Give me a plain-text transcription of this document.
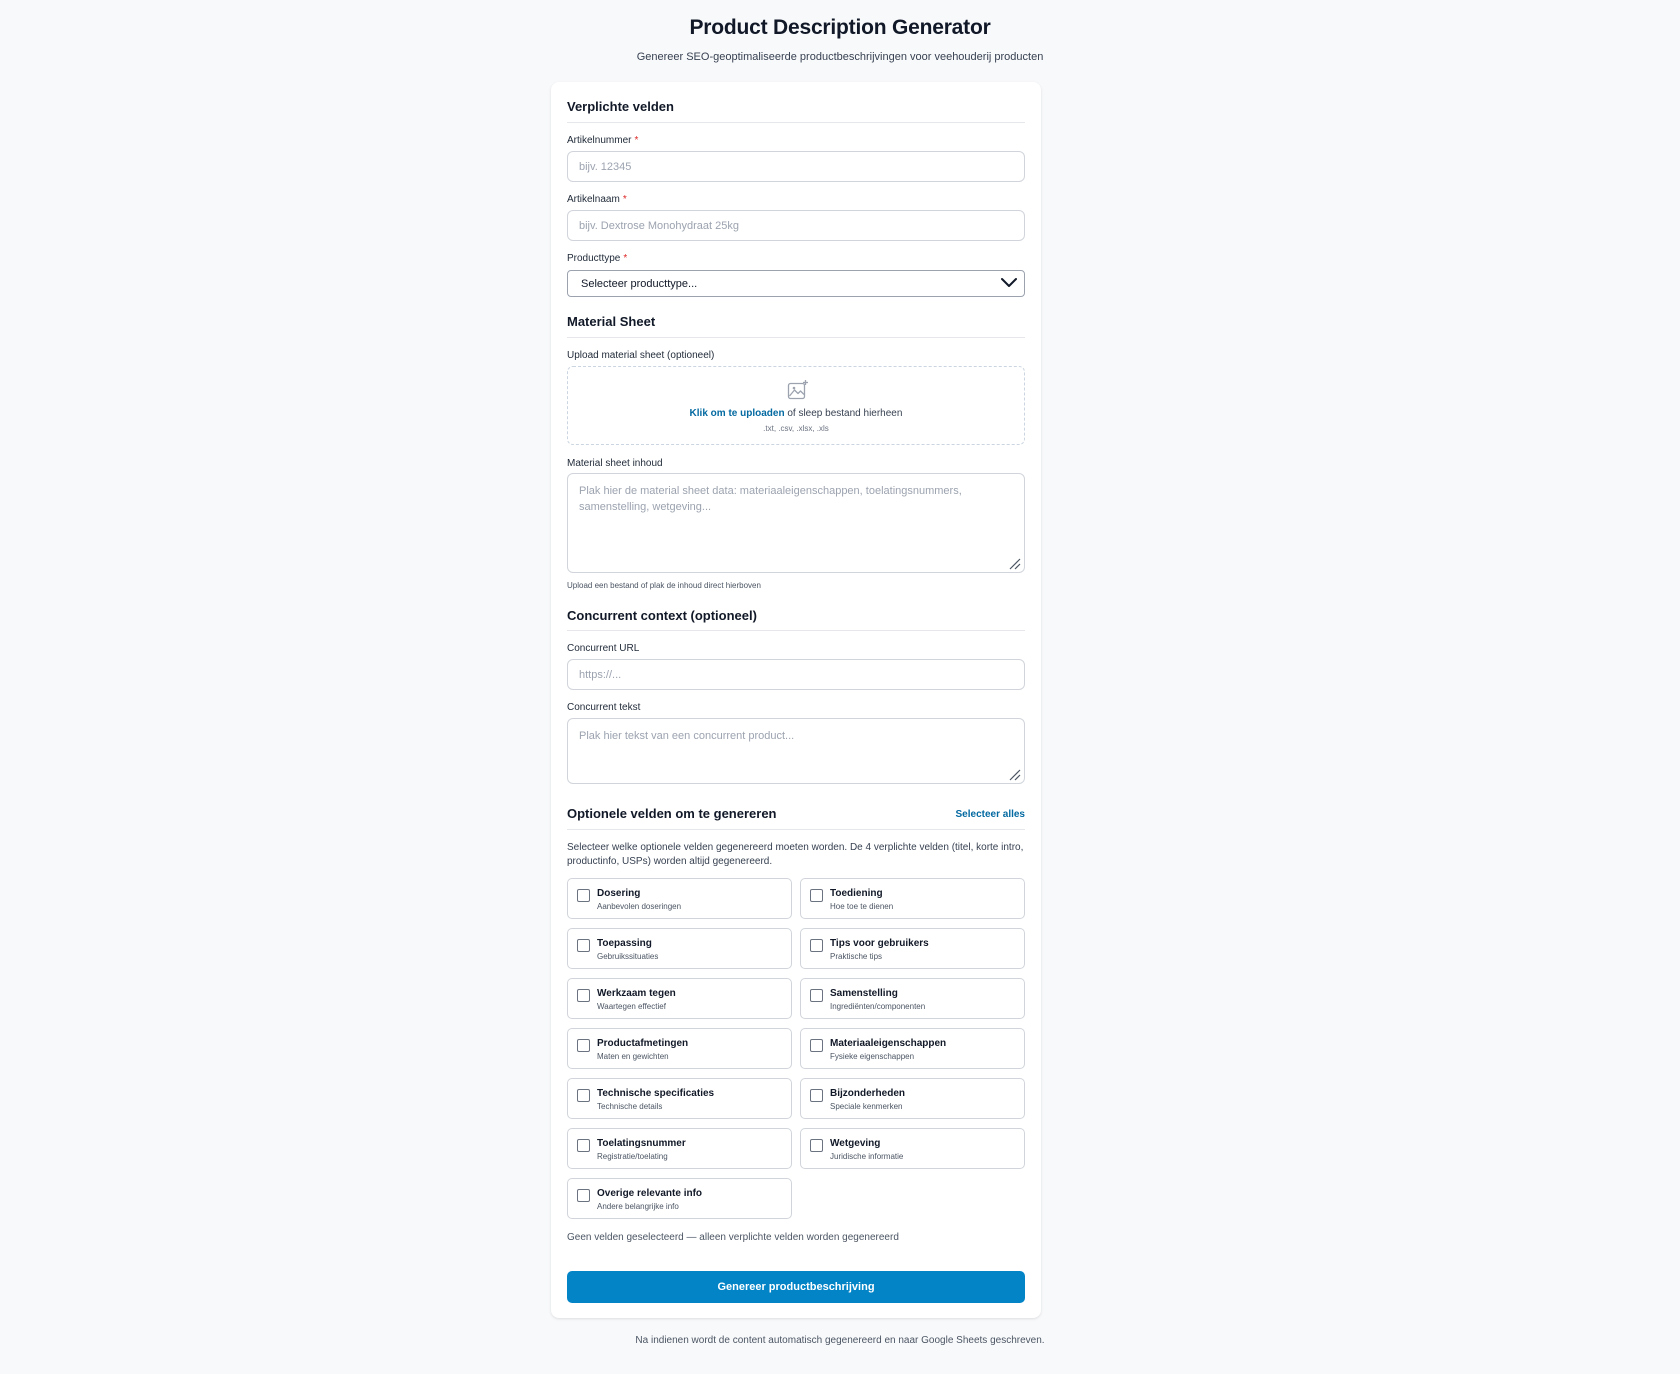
Product Description Generator

Genereer SEO-geoptimaliseerde productbeschrijvingen voor veehouderij producten

Verplichte velden
Artikelnummer *
bijv. 12345
Artikelnaam *
bijv. Dextrose Monohydraat 25kg
Producttype *
Selecteer producttype...
Material Sheet
Upload material sheet (optioneel)
Klik om te uploaden of sleep bestand hierheen
.txt, .csv, .xlsx, .xls
Material sheet inhoud
Plak hier de material sheet data: materiaaleigenschappen, toelatingsnummers, samenstelling, wetgeving...
Upload een bestand of plak de inhoud direct hierboven
Concurrent context (optioneel)
Concurrent URL
https://...
Concurrent tekst
Plak hier tekst van een concurrent product...
Optionele velden om te genereren	Selecteer alles
Selecteer welke optionele velden gegenereerd moeten worden. De 4 verplichte velden (titel, korte intro, productinfo, USPs) worden altijd gegenereerd.
Dosering
Aanbevolen doseringen
Toediening
Hoe toe te dienen
Toepassing
Gebruikssituaties
Tips voor gebruikers
Praktische tips
Werkzaam tegen
Waartegen effectief
Samenstelling
Ingrediënten/componenten
Productafmetingen
Maten en gewichten
Materiaaleigenschappen
Fysieke eigenschappen
Technische specificaties
Technische details
Bijzonderheden
Speciale kenmerken
Toelatingsnummer
Registratie/toelating
Wetgeving
Juridische informatie
Overige relevante info
Andere belangrijke info
Geen velden geselecteerd — alleen verplichte velden worden gegenereerd
Genereer productbeschrijving
Na indienen wordt de content automatisch gegenereerd en naar Google Sheets geschreven.
